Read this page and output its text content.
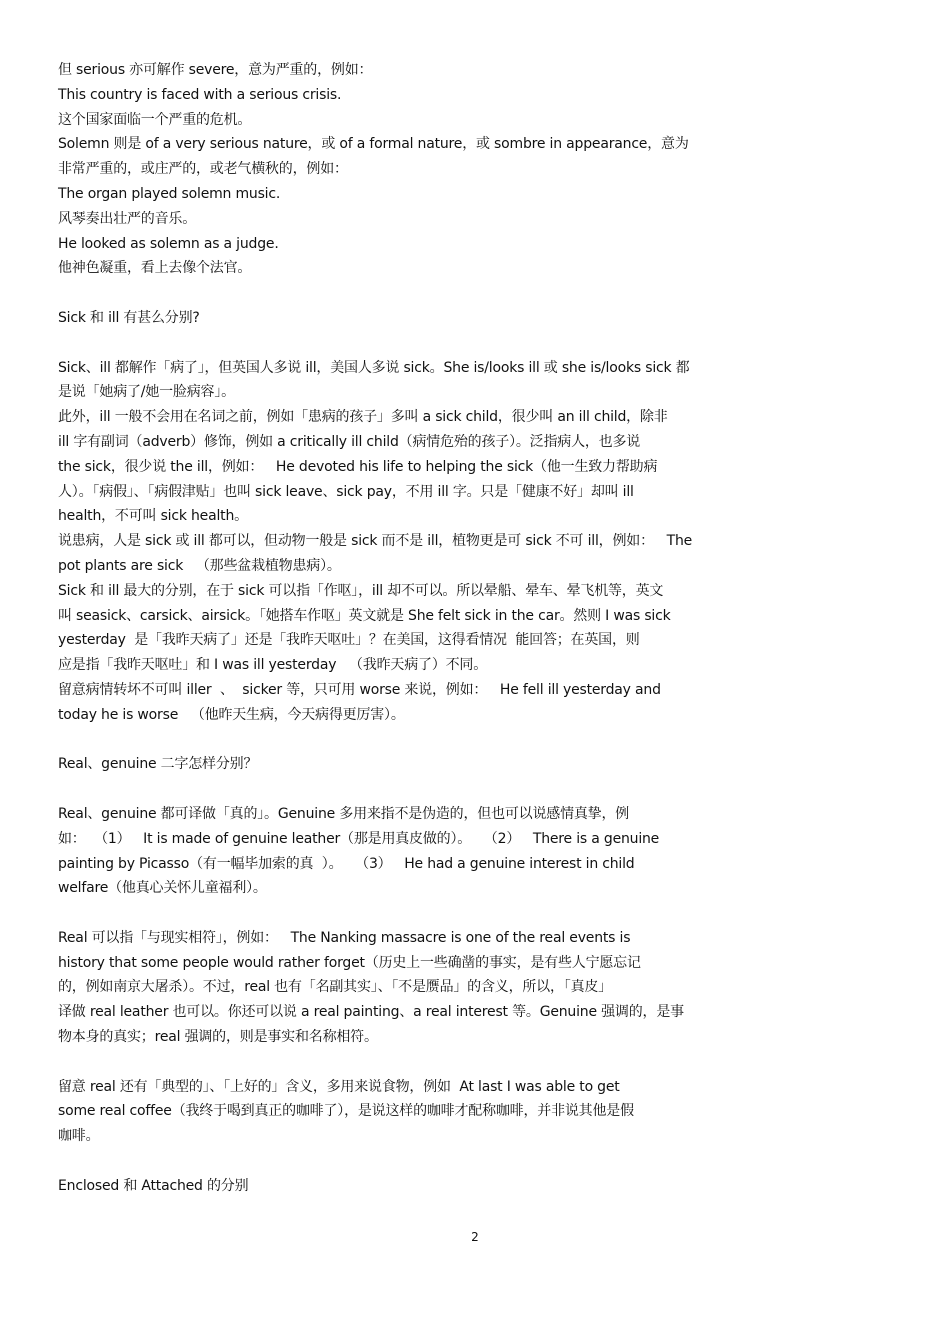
但 serious 亦可解作 severe，意为严重的，例如：
This country is faced with a serious crisis.
这个国家面临一个严重的危机。
Solemn 则是 of a very serious nature，或 of a formal nature，或 sombre in appearance，意为
非常严重的，或庄严的，或老气横秋的，例如：
The organ played solemn music.
风琴奏出壮严的音乐。
He looked as solemn as a judge.
他神色凝重，看上去像个法官。
Sick 和 ill 有甚么分别?
Sick、ill 都解作「病了」，但英国人多说 ill，美国人多说 sick。She is/looks ill 或 she is/looks sick 都
是说「她病了/她一脸病容」。
此外，ill 一般不会用在名词之前，例如「患病的孩子」多叫 a sick child，很少叫 an ill child，除非
ill 字有副词（adverb）修饰，例如 a critically ill child（病情危殆的孩子）。泛指病人，也多说
the sick，很少说 the ill，例如：   He devoted his life to helping the sick（他一生致力帮助病
人）。「病假」、「病假津贴」也叫 sick leave、sick pay，不用 ill 字。只是「健康不好」却叫 ill
health，不可叫 sick health。
说患病，人是 sick 或 ill 都可以，但动物一般是 sick 而不是 ill，植物更是可 sick 不可 ill，例如：   The
pot plants are sick   （那些盆栽植物患病）。
Sick 和 ill 最大的分别，在于 sick 可以指「作呕」，ill 却不可以。所以晕船、晕车、晕飞机等，英文
叫 seasick、carsick、airsick。「她搭车作呕」英文就是 She felt sick in the car。然则 I was sick
yesterday  是「我昨天病了」还是「我昨天呕吐」？在美国，这得看情况  能回答；在英国，则
应是指「我昨天呕吐」和 I was ill yesterday   （我昨天病了）不同。
留意病情转坏不可叫 iller  、  sicker 等，只可用 worse 来说，例如：   He fell ill yesterday and
today he is worse   （他昨天生病，今天病得更厉害）。
Real、genuine 二字怎样分别？
Real、genuine 都可译做「真的」。Genuine 多用来指不是伪造的，但也可以说感情真挚，例
如：  （1）   It is made of genuine leather（那是用真皮做的）。   （2）   There is a genuine
painting by Picasso（有一幅毕加索的真  ）。   （3）   He had a genuine interest in child
welfare（他真心关怀儿童福利）。
Real 可以指「与现实相符」，例如：   The Nanking massacre is one of the real events is
history that some people would rather forget（历史上一些确凿的事实，是有些人宁愿忘记
的，例如南京大屠杀）。不过，real 也有「名副其实」、「不是赝品」的含义，所以，「真皮」
译做 real leather 也可以。你还可以说 a real painting、a real interest 等。Genuine 强调的，是事
物本身的真实；real 强调的，则是事实和名称相符。
留意 real 还有「典型的」、「上好的」含义，多用来说食物，例如  At last I was able to get
some real coffee（我终于喝到真正的咖啡了），是说这样的咖啡才配称咖啡，并非说其他是假
咖啡。
Enclosed 和 Attached 的分别
2
